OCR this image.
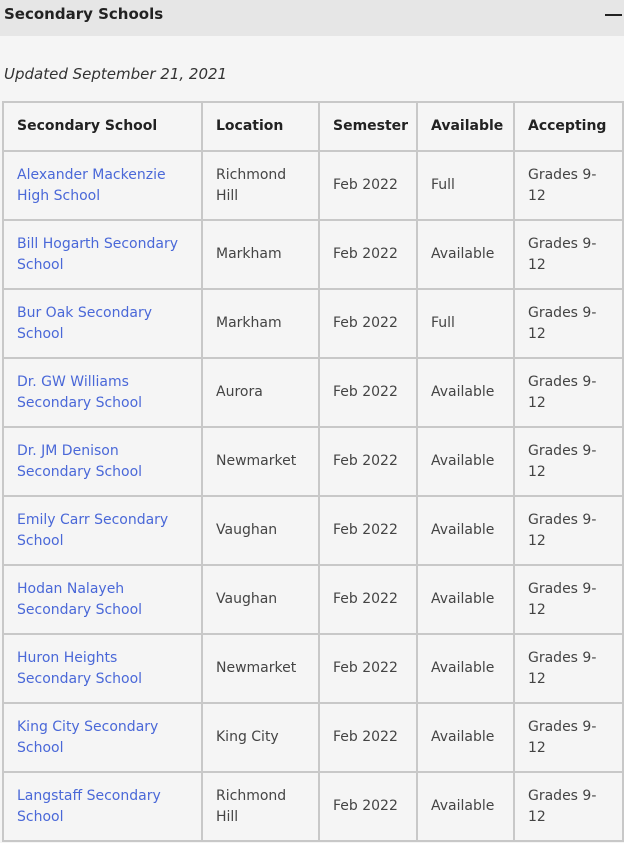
Secondary Schools
Updated September 21, 2021
Secondary School	Location	Semester	Available	Accepting
Alexander Mackenzie High School	Richmond Hill	Feb 2022	Full	Grades 9-12
Bill Hogarth Secondary School	Markham	Feb 2022	Available	Grades 9-12
Bur Oak Secondary School	Markham	Feb 2022	Full	Grades 9-12
Dr. GW Williams Secondary School	Aurora	Feb 2022	Available	Grades 9-12
Dr. JM Denison Secondary School	Newmarket	Feb 2022	Available	Grades 9-12
Emily Carr Secondary School	Vaughan	Feb 2022	Available	Grades 9-12
Hodan Nalayeh Secondary School	Vaughan	Feb 2022	Available	Grades 9-12
Huron Heights Secondary School	Newmarket	Feb 2022	Available	Grades 9-12
King City Secondary School	King City	Feb 2022	Available	Grades 9-12
Langstaff Secondary School	Richmond Hill	Feb 2022	Available	Grades 9-12
